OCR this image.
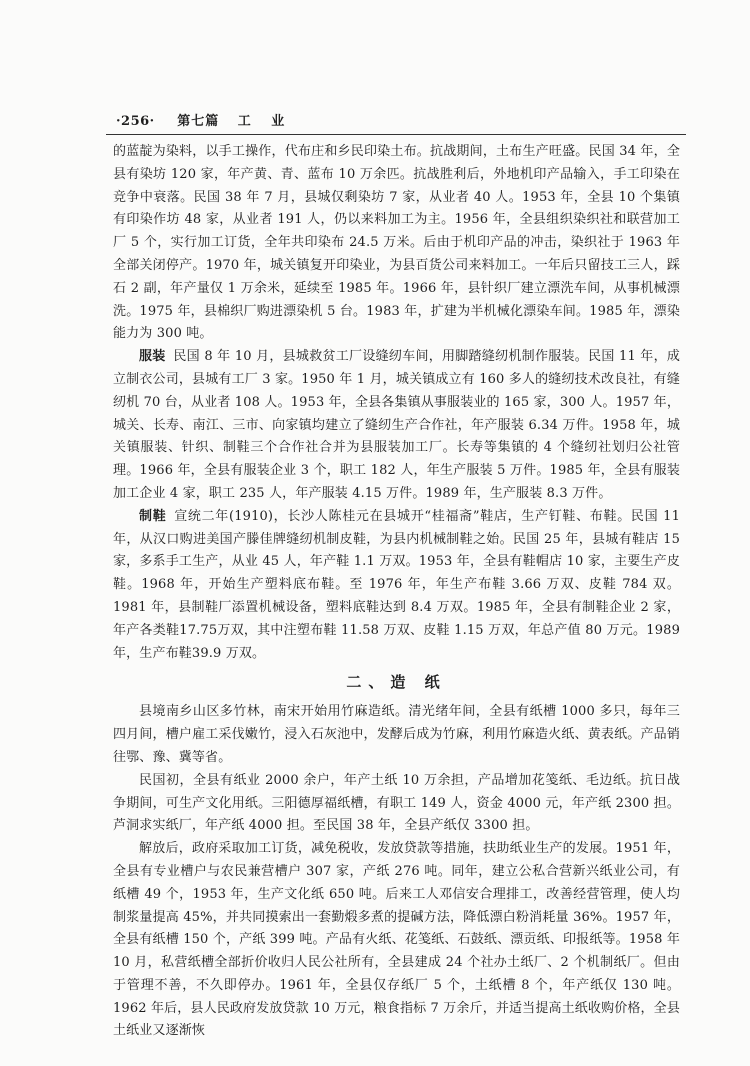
·256· 第七篇 工 业

的蓝靛为染料，以手工操作，代布庄和乡民印染土布。抗战期间，土布生产旺盛。民国 34 年，全县有染坊 120 家，年产黄、青、蓝布 10 万余匹。抗战胜利后，外地机印产品输入，手工印染在竞争中衰落。民国 38 年 7 月，县城仅剩染坊 7 家，从业者 40 人。1953 年，全县 10 个集镇有印染作坊 48 家，从业者 191 人，仍以来料加工为主。1956 年，全县组织染织社和联营加工厂 5 个，实行加工订货，全年共印染布 24.5 万米。后由于机印产品的冲击，染织社于 1963 年全部关闭停产。1970 年，城关镇复开印染业，为县百货公司来料加工。一年后只留技工三人，踩石 2 副，年产量仅 1 万余米，延续至 1985 年。1966 年，县针织厂建立漂洗车间，从事机械漂洗。1975 年，县棉织厂购进漂染机 5 台。1983 年，扩建为半机械化漂染车间。1985 年，漂染能力为 300 吨。

服装 民国 8 年 10 月，县城救贫工厂设缝纫车间，用脚踏缝纫机制作服装。民国 11 年，成立制衣公司，县城有工厂 3 家。1950 年 1 月，城关镇成立有 160 多人的缝纫技术改良社，有缝纫机 70 台，从业者 108 人。1953 年，全县各集镇从事服装业的 165 家，300 人。1957 年，城关、长寿、南江、三市、向家镇均建立了缝纫生产合作社，年产服装 6.34 万件。1958 年，城关镇服装、针织、制鞋三个合作社合并为县服装加工厂。长寿等集镇的 4 个缝纫社划归公社管理。1966 年，全县有服装企业 3 个，职工 182 人，年生产服装 5 万件。1985 年，全县有服装加工企业 4 家，职工 235 人，年产服装 4.15 万件。1989 年，生产服装 8.3 万件。

制鞋 宣统二年(1910)，长沙人陈桂元在县城开“桂福斋”鞋店，生产钉鞋、布鞋。民国 11 年，从汉口购进美国产滕佳牌缝纫机制皮鞋，为县内机械制鞋之始。民国 25 年，县城有鞋店 15 家，多系手工生产，从业 45 人，年产鞋 1.1 万双。1953 年，全县有鞋帽店 10 家，主要生产皮鞋。1968 年，开始生产塑料底布鞋。至 1976 年，年生产布鞋 3.66 万双、皮鞋 784 双。1981 年，县制鞋厂添置机械设备，塑料底鞋达到 8.4 万双。1985 年，全县有制鞋企业 2 家，年产各类鞋17.75万双，其中注塑布鞋 11.58 万双、皮鞋 1.15 万双，年总产值 80 万元。1989 年，生产布鞋39.9 万双。

二、造 纸

县境南乡山区多竹林，南宋开始用竹麻造纸。清光绪年间，全县有纸槽 1000 多只，每年三四月间，槽户雇工采伐嫩竹，浸入石灰池中，发酵后成为竹麻，利用竹麻造火纸、黄表纸。产品销往鄂、豫、冀等省。

民国初，全县有纸业 2000 余户，年产土纸 10 万余担，产品增加花笺纸、毛边纸。抗日战争期间，可生产文化用纸。三阳德厚福纸槽，有职工 149 人，资金 4000 元，年产纸 2300 担。芦洞求实纸厂，年产纸 4000 担。至民国 38 年，全县产纸仅 3300 担。

解放后，政府采取加工订货，减免税收，发放贷款等措施，扶助纸业生产的发展。1951 年，全县有专业槽户与农民兼营槽户 307 家，产纸 276 吨。同年，建立公私合营新兴纸业公司，有纸槽 49 个，1953 年，生产文化纸 650 吨。后来工人邓信安合理排工，改善经营管理，使人均制浆量提高 45%，并共同摸索出一套勤煅多煮的提碱方法，降低漂白粉消耗量 36%。1957 年，全县有纸槽 150 个，产纸 399 吨。产品有火纸、花笺纸、石鼓纸、漂贡纸、印报纸等。1958 年 10 月，私营纸槽全部折价收归人民公社所有，全县建成 24 个社办土纸厂、2 个机制纸厂。但由于管理不善，不久即停办。1961 年，全县仅存纸厂 5 个，土纸槽 8 个，年产纸仅 130 吨。1962 年后，县人民政府发放贷款 10 万元，粮食指标 7 万余斤，并适当提高土纸收购价格，全县土纸业又逐渐恢
